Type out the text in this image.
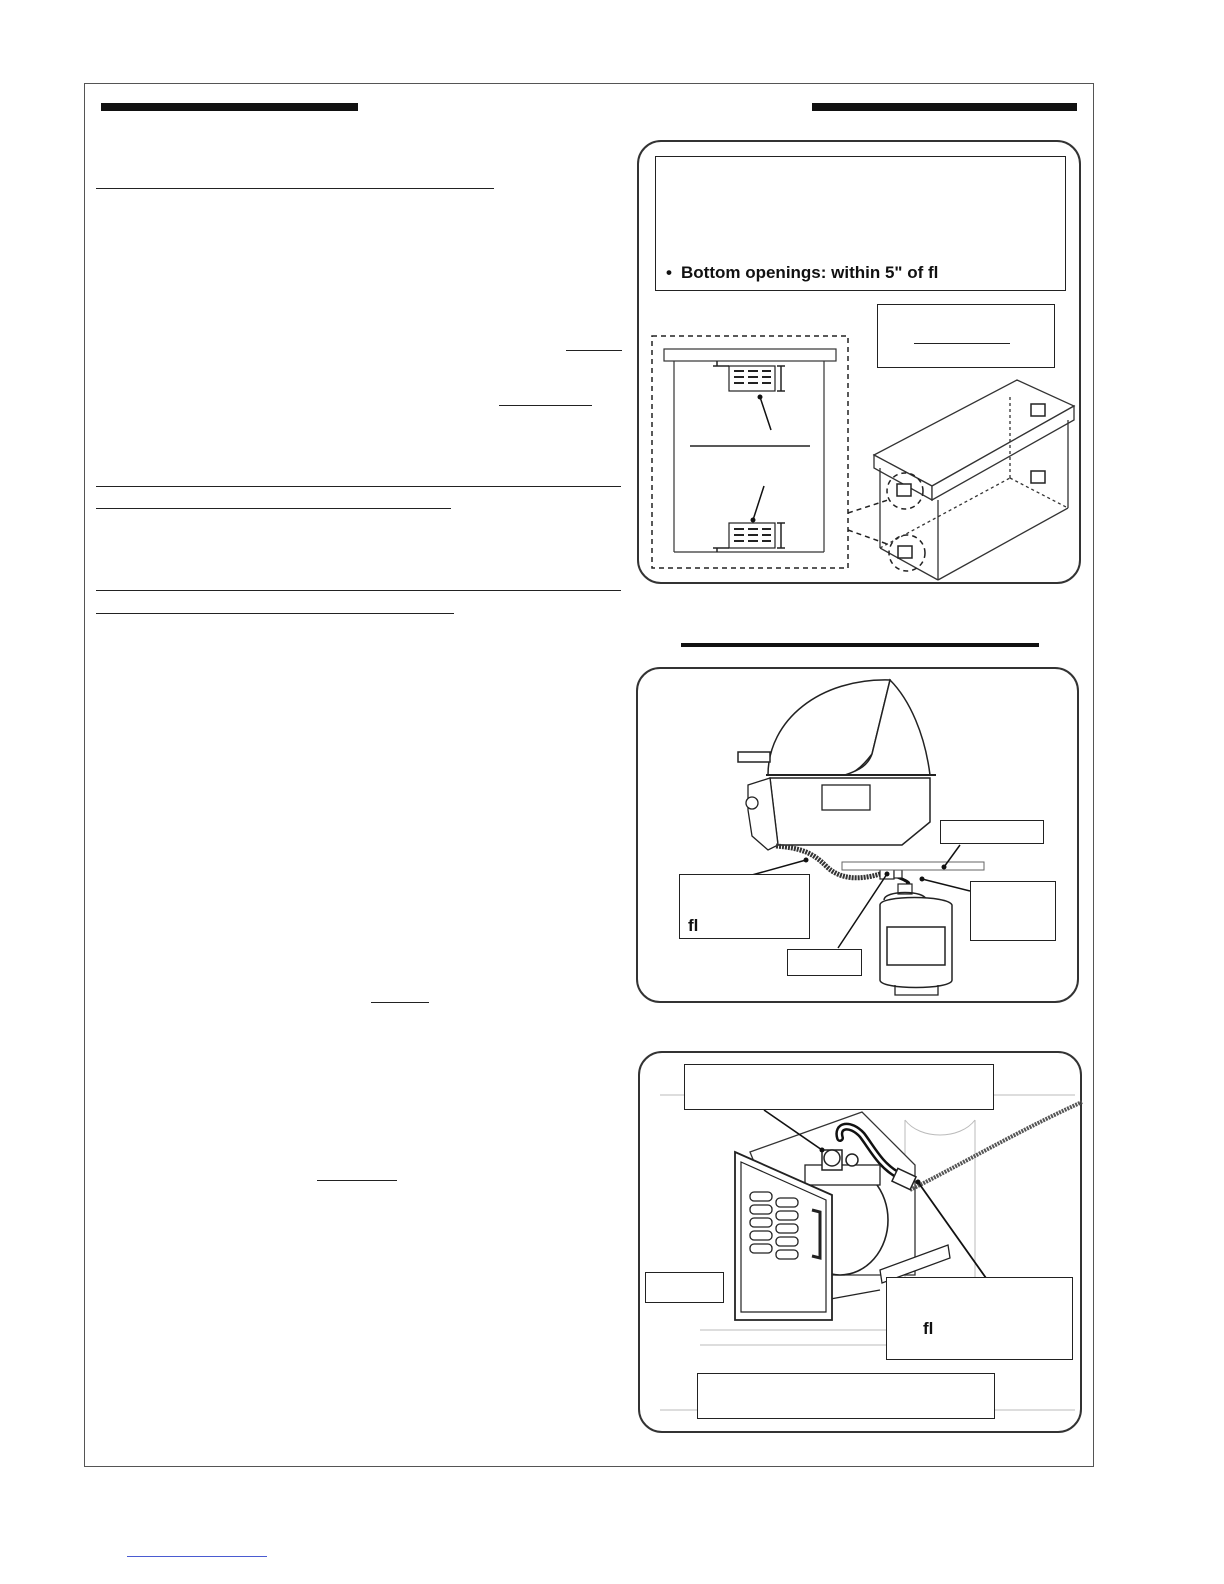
• Bottom openings: within 5" of fl
fl
fl
